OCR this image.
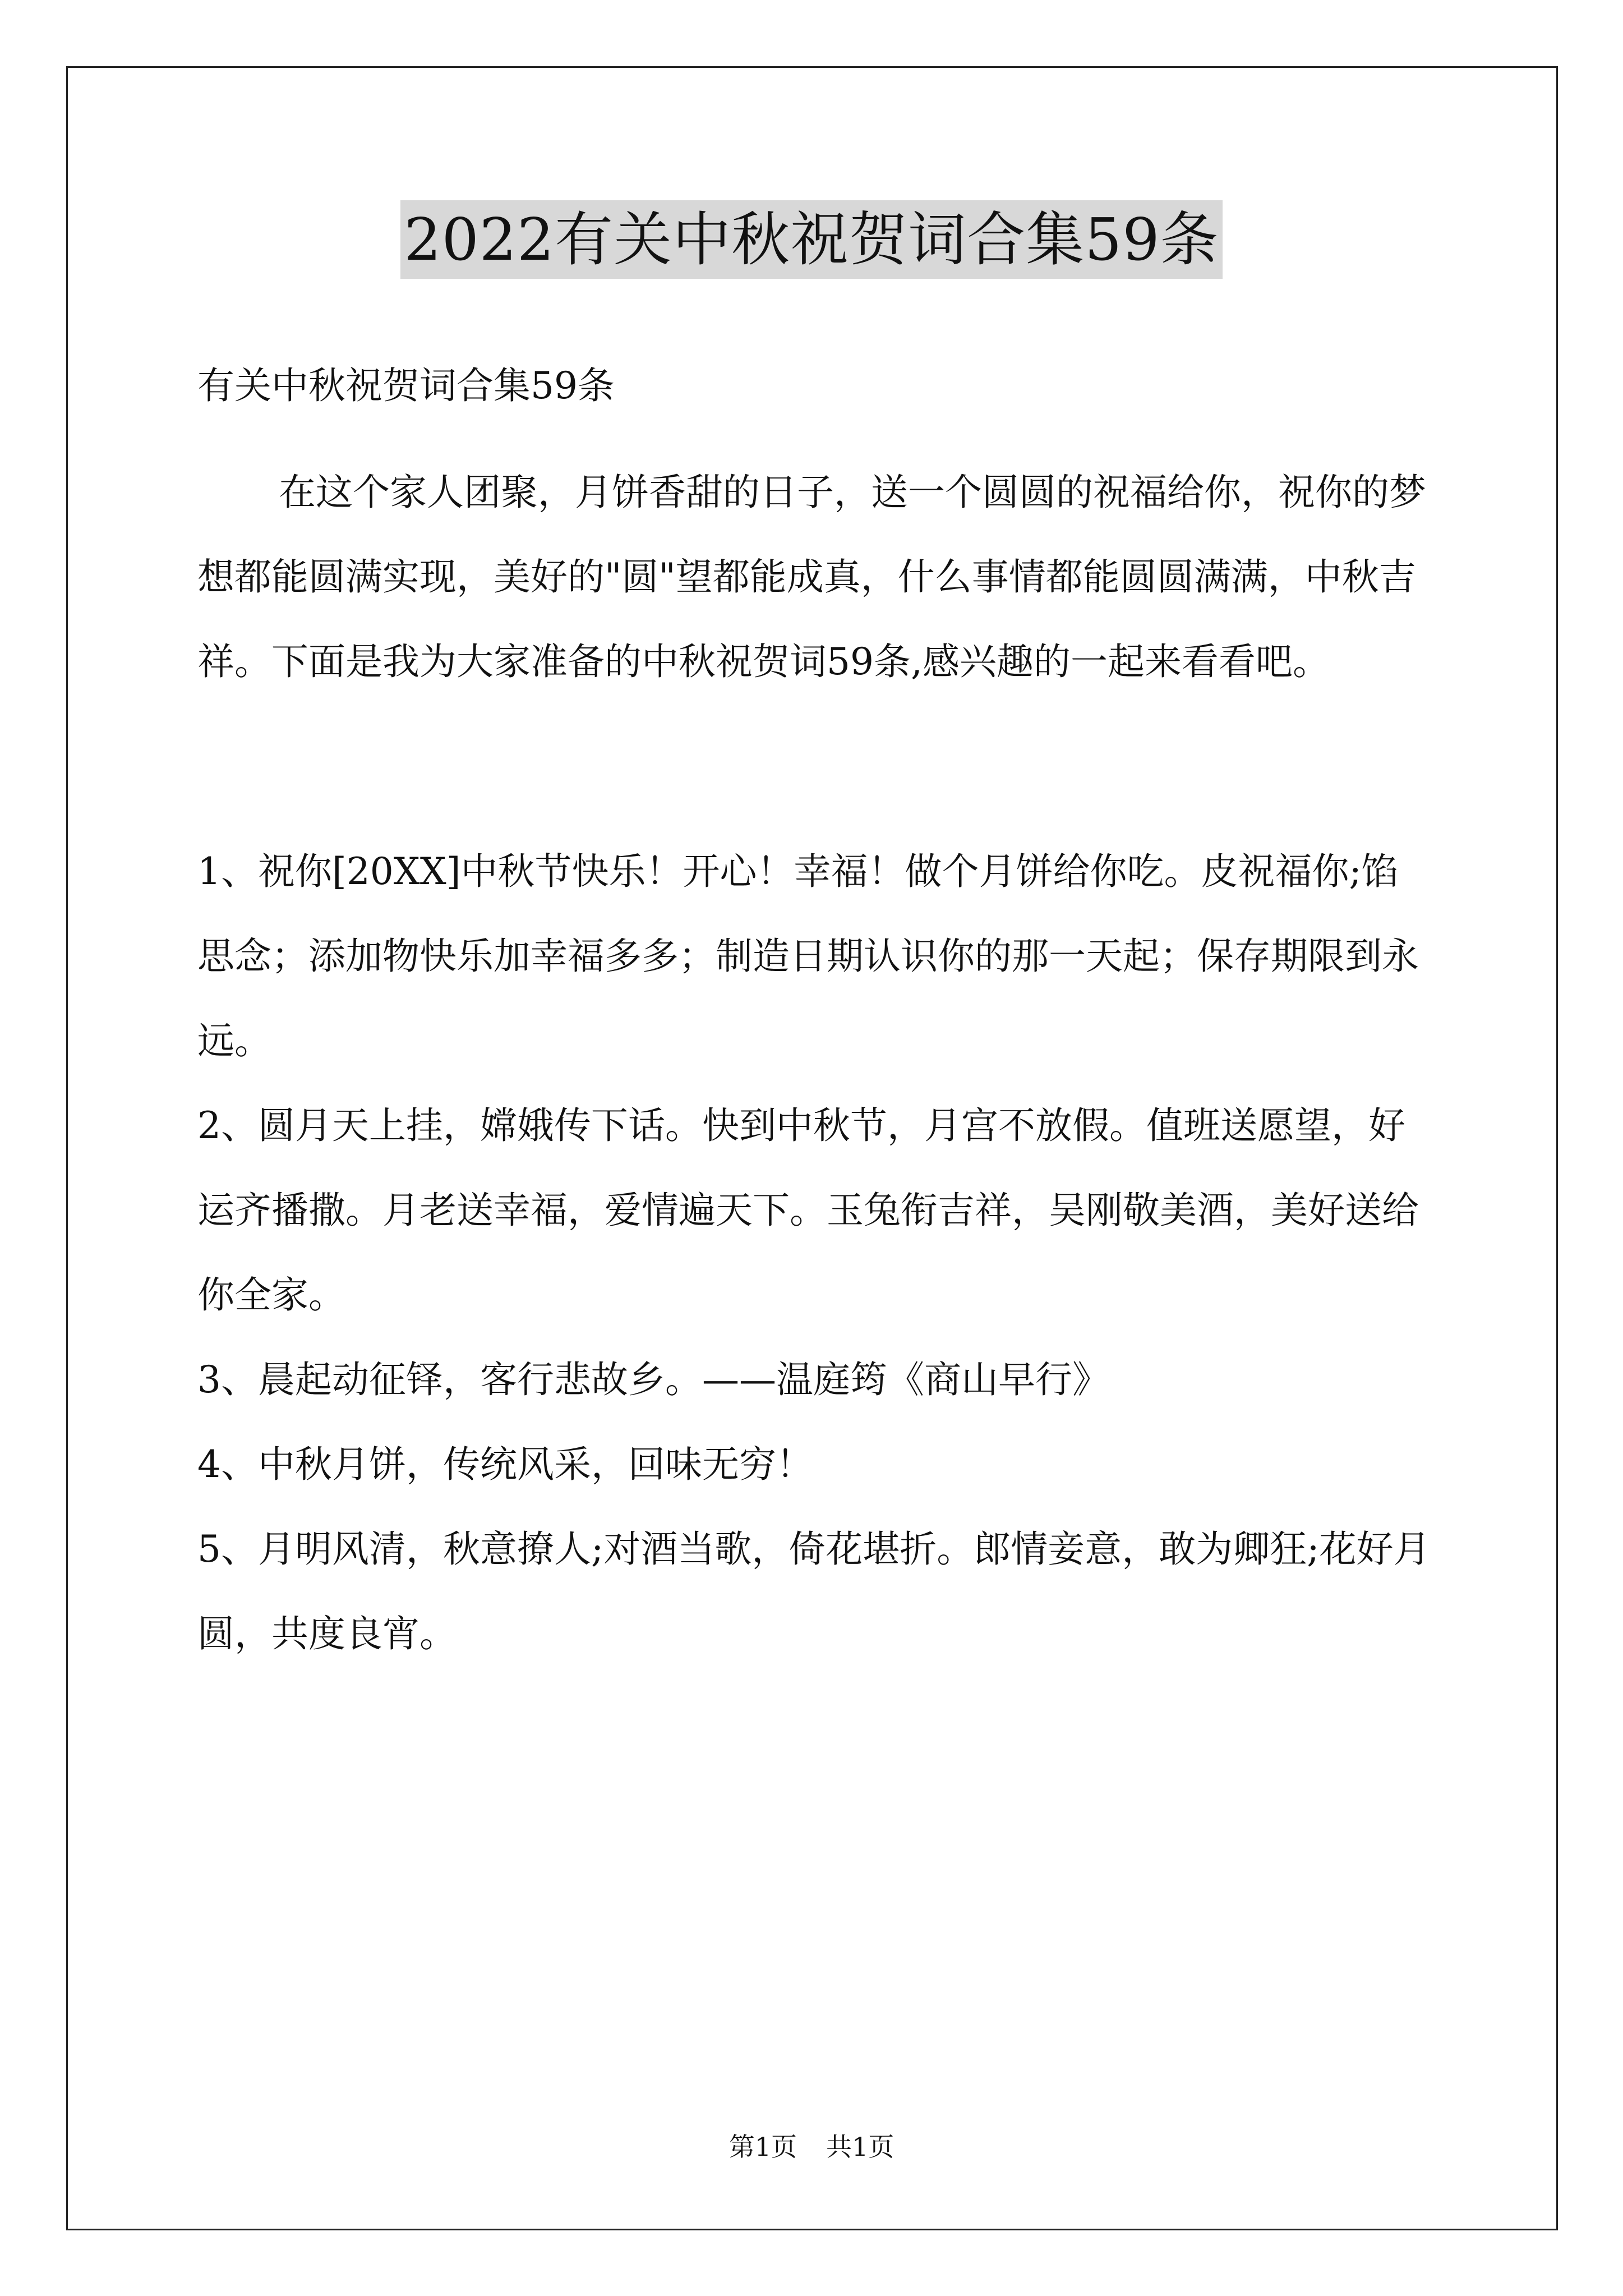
2022有关中秋祝贺词合集59条

有关中秋祝贺词合集59条

在这个家人团聚，月饼香甜的日子，送一个圆圆的祝福给你，祝你的梦想都能圆满实现，美好的"圆"望都能成真，什么事情都能圆圆满满，中秋吉祥。下面是我为大家准备的中秋祝贺词59条,感兴趣的一起来看看吧。

1、祝你[20XX]中秋节快乐！开心！幸福！做个月饼给你吃。皮祝福你;馅思念；添加物快乐加幸福多多；制造日期认识你的那一天起；保存期限到永远。

2、圆月天上挂，嫦娥传下话。快到中秋节，月宫不放假。值班送愿望，好运齐播撒。月老送幸福，爱情遍天下。玉兔衔吉祥，吴刚敬美酒，美好送给你全家。

3、晨起动征铎，客行悲故乡。——温庭筠《商山早行》

4、中秋月饼，传统风采，回味无穷！

5、月明风清，秋意撩人;对酒当歌，倚花堪折。郎情妾意，敢为卿狂;花好月圆，共度良宵。

第1页 共1页
